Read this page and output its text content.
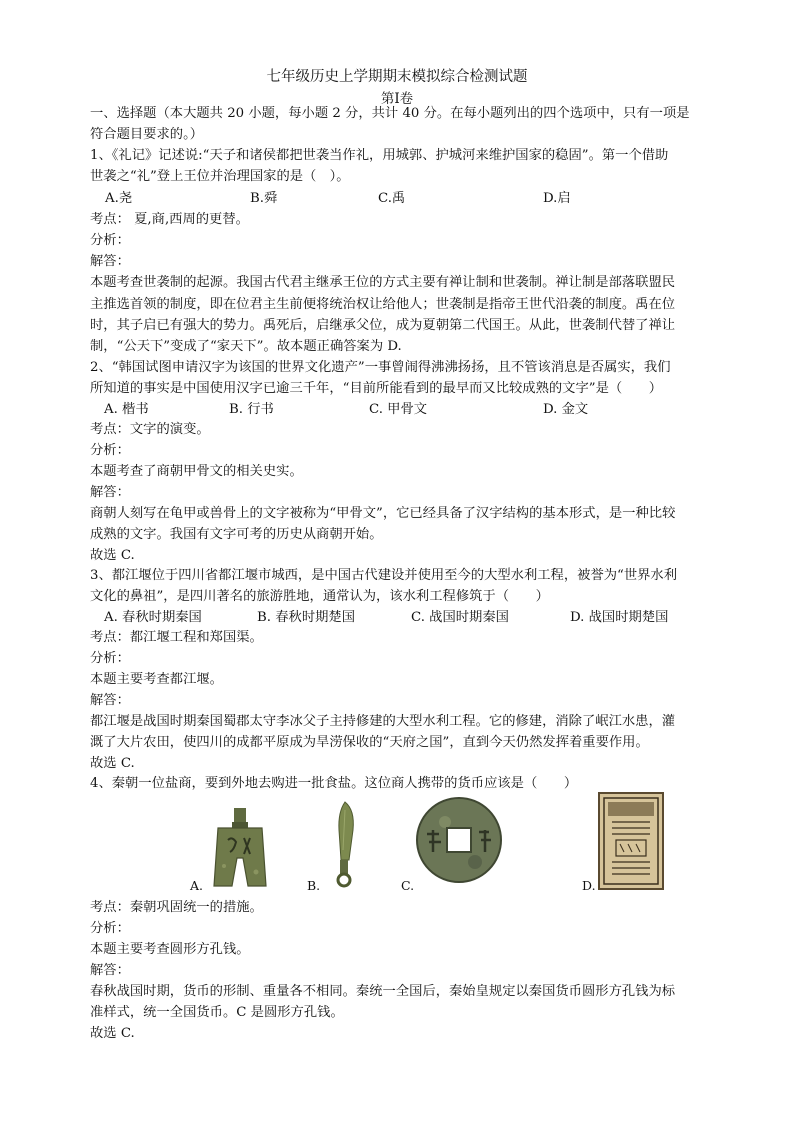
七年级历史上学期期末模拟综合检测试题
第Ⅰ卷
一、选择题（本大题共 20 小题，每小题 2 分，共计 40 分。在每小题列出的四个选项中，只有一项是
符合题目要求的。）
1、《礼记》记述说:“天子和诸侯都把世袭当作礼，用城郭、护城河来维护国家的稳固”。第一个借助
世袭之“礼”登上王位并治理国家的是（　）。
A.尧	B.舜	C.禹	D.启
考点： 夏,商,西周的更替。
分析：
解答：
本题考查世袭制的起源。我国古代君主继承王位的方式主要有禅让制和世袭制。禅让制是部落联盟民
主推选首领的制度，即在位君主生前便将统治权让给他人；世袭制是指帝王世代沿袭的制度。禹在位
时，其子启已有强大的势力。禹死后，启继承父位，成为夏朝第二代国王。从此，世袭制代替了禅让
制，“公天下”变成了“家天下”。故本题正确答案为 D.
2、“韩国试图申请汉字为该国的世界文化遗产”一事曾闹得沸沸扬扬，且不管该消息是否属实，我们
所知道的事实是中国使用汉字已逾三千年，“目前所能看到的最早而又比较成熟的文字”是（　　）
A. 楷书	B. 行书	C. 甲骨文	D. 金文
考点：文字的演变。
分析：
本题考查了商朝甲骨文的相关史实。
解答：
商朝人刻写在龟甲或兽骨上的文字被称为“甲骨文”，它已经具备了汉字结构的基本形式，是一种比较
成熟的文字。我国有文字可考的历史从商朝开始。
故选 C.
3、都江堰位于四川省都江堰市城西，是中国古代建设并使用至今的大型水利工程，被誉为“世界水利
文化的鼻祖”，是四川著名的旅游胜地，通常认为，该水利工程修筑于（　　）
A. 春秋时期秦国	B. 春秋时期楚国	C. 战国时期秦国	D. 战国时期楚国
考点：都江堰工程和郑国渠。
分析：
本题主要考查都江堰。
解答：
都江堰是战国时期秦国蜀郡太守李冰父子主持修建的大型水利工程。它的修建，消除了岷江水患，灌
溉了大片农田，使四川的成都平原成为旱涝保收的“天府之国”，直到今天仍然发挥着重要作用。
故选 C.
4、秦朝一位盐商，要到外地去购进一批食盐。这位商人携带的货币应该是（　　）
A.	B.	C.	D.
考点：秦朝巩固统一的措施。
分析：
本题主要考查圆形方孔钱。
解答：
春秋战国时期，货币的形制、重量各不相同。秦统一全国后，秦始皇规定以秦国货币圆形方孔钱为标
准样式，统一全国货币。C 是圆形方孔钱。
故选 C.
